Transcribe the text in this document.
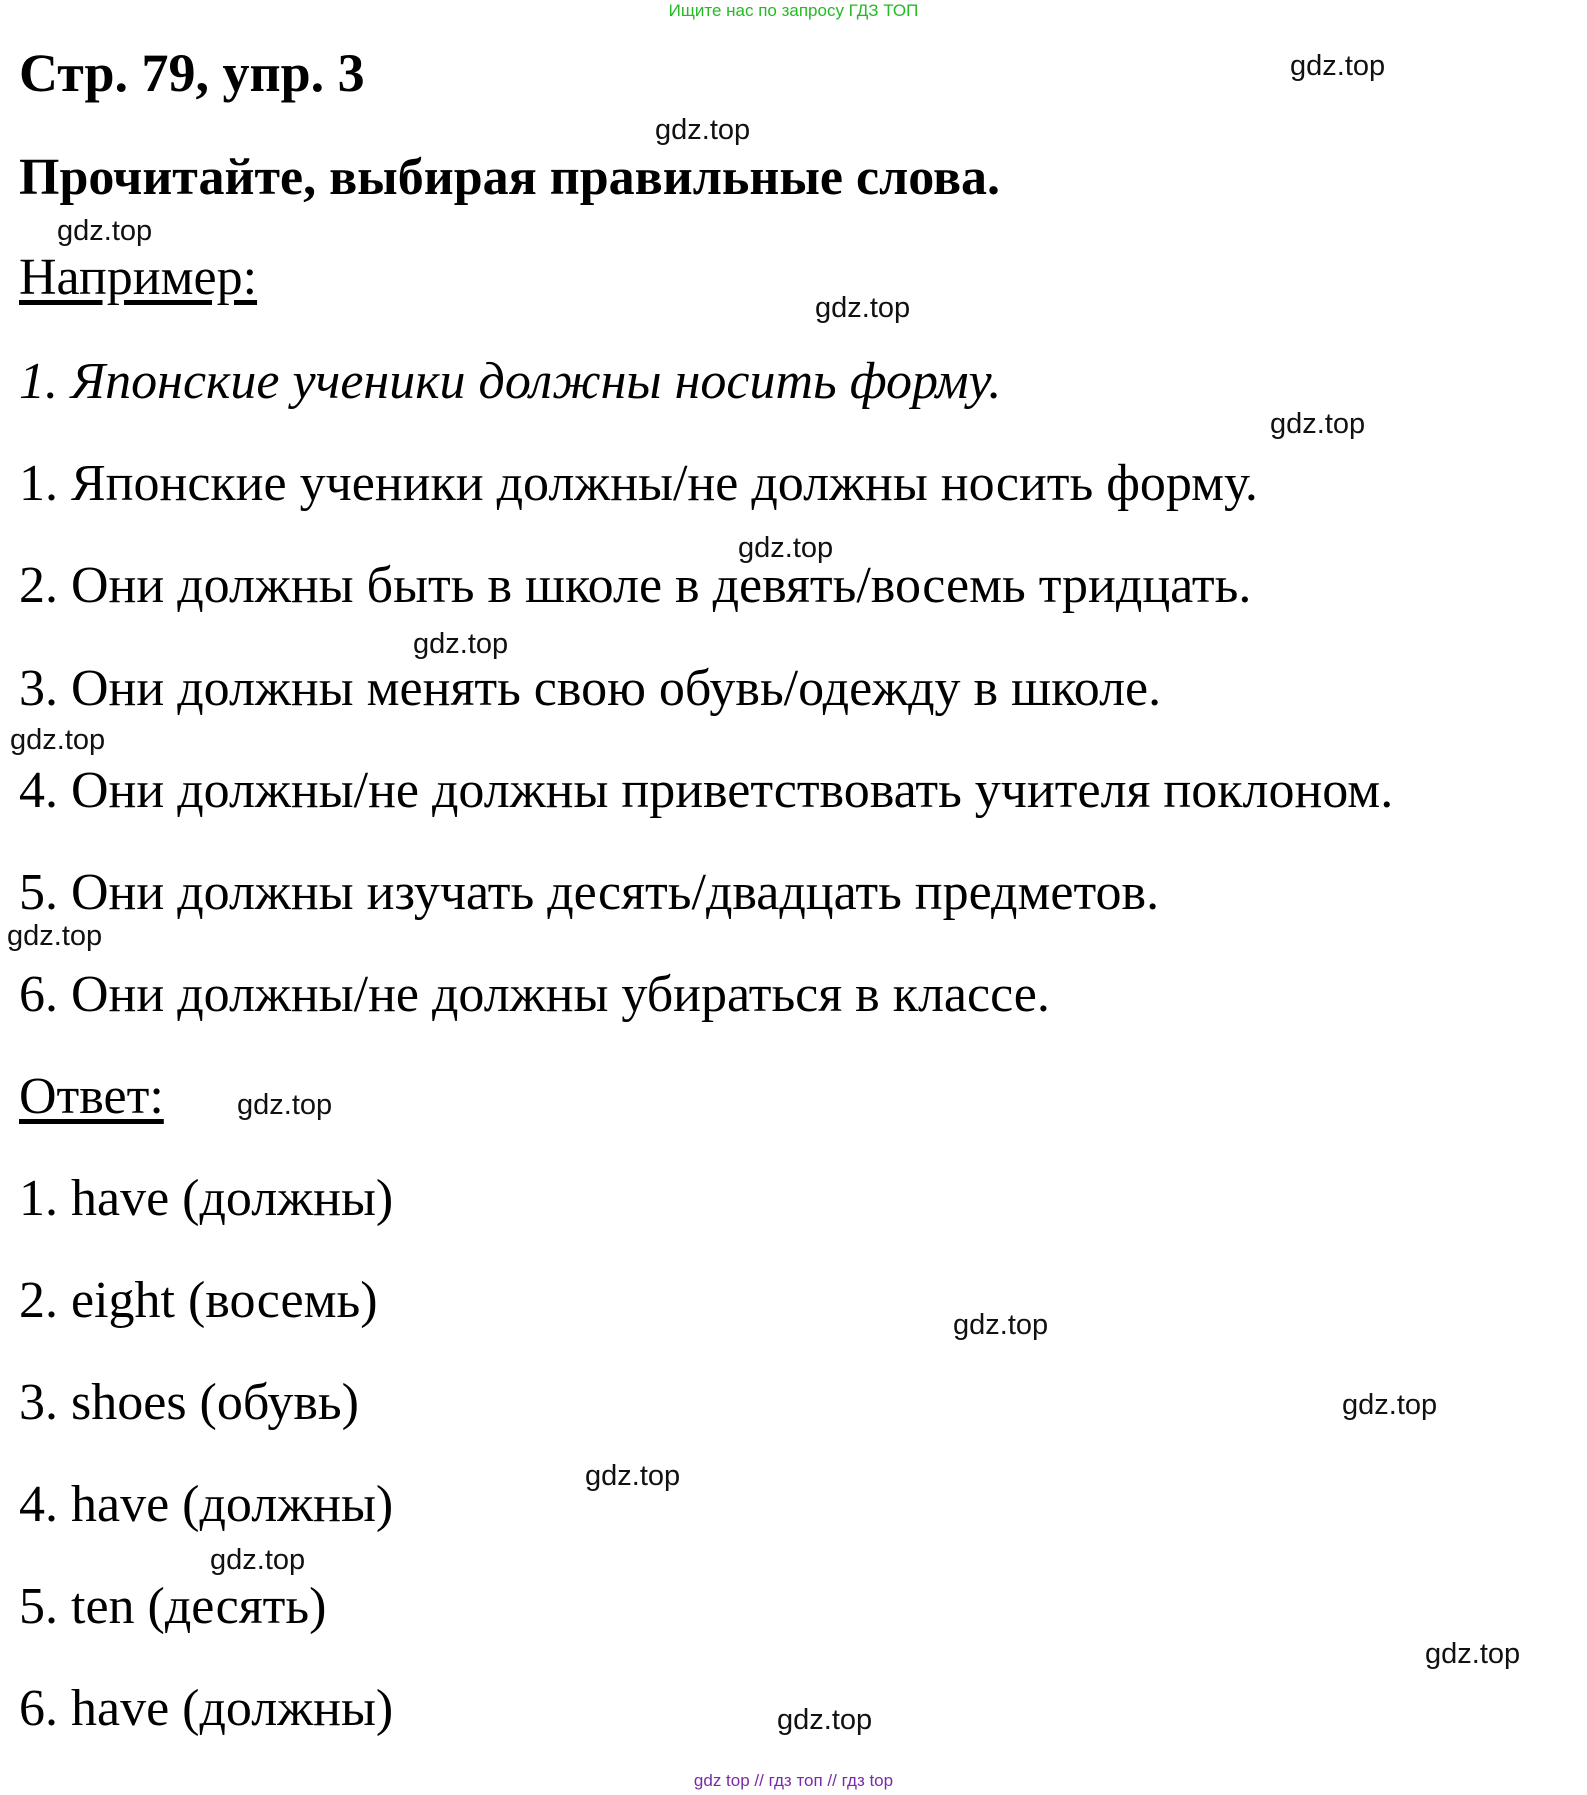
Ищите нас по запросу ГДЗ ТОП
Стр. 79, упр. 3
Прочитайте, выбирая правильные слова.
Например:
1. Японские ученики должны носить форму.
1. Японские ученики должны/не должны носить форму.
2. Они должны быть в школе в девять/восемь тридцать.
3. Они должны менять свою обувь/одежду в школе.
4. Они должны/не должны приветствовать учителя поклоном.
5. Они должны изучать десять/двадцать предметов.
6. Они должны/не должны убираться в классе.
Ответ:
1. have (должны)
2. eight (восемь)
3. shoes (обувь)
4. have (должны)
5. ten (десять)
6. have (должны)
gdz.top
gdz.top
gdz.top
gdz.top
gdz.top
gdz.top
gdz.top
gdz.top
gdz.top
gdz.top
gdz.top
gdz.top
gdz.top
gdz.top
gdz.top
gdz.top
gdz top // гдз топ // гдз top
